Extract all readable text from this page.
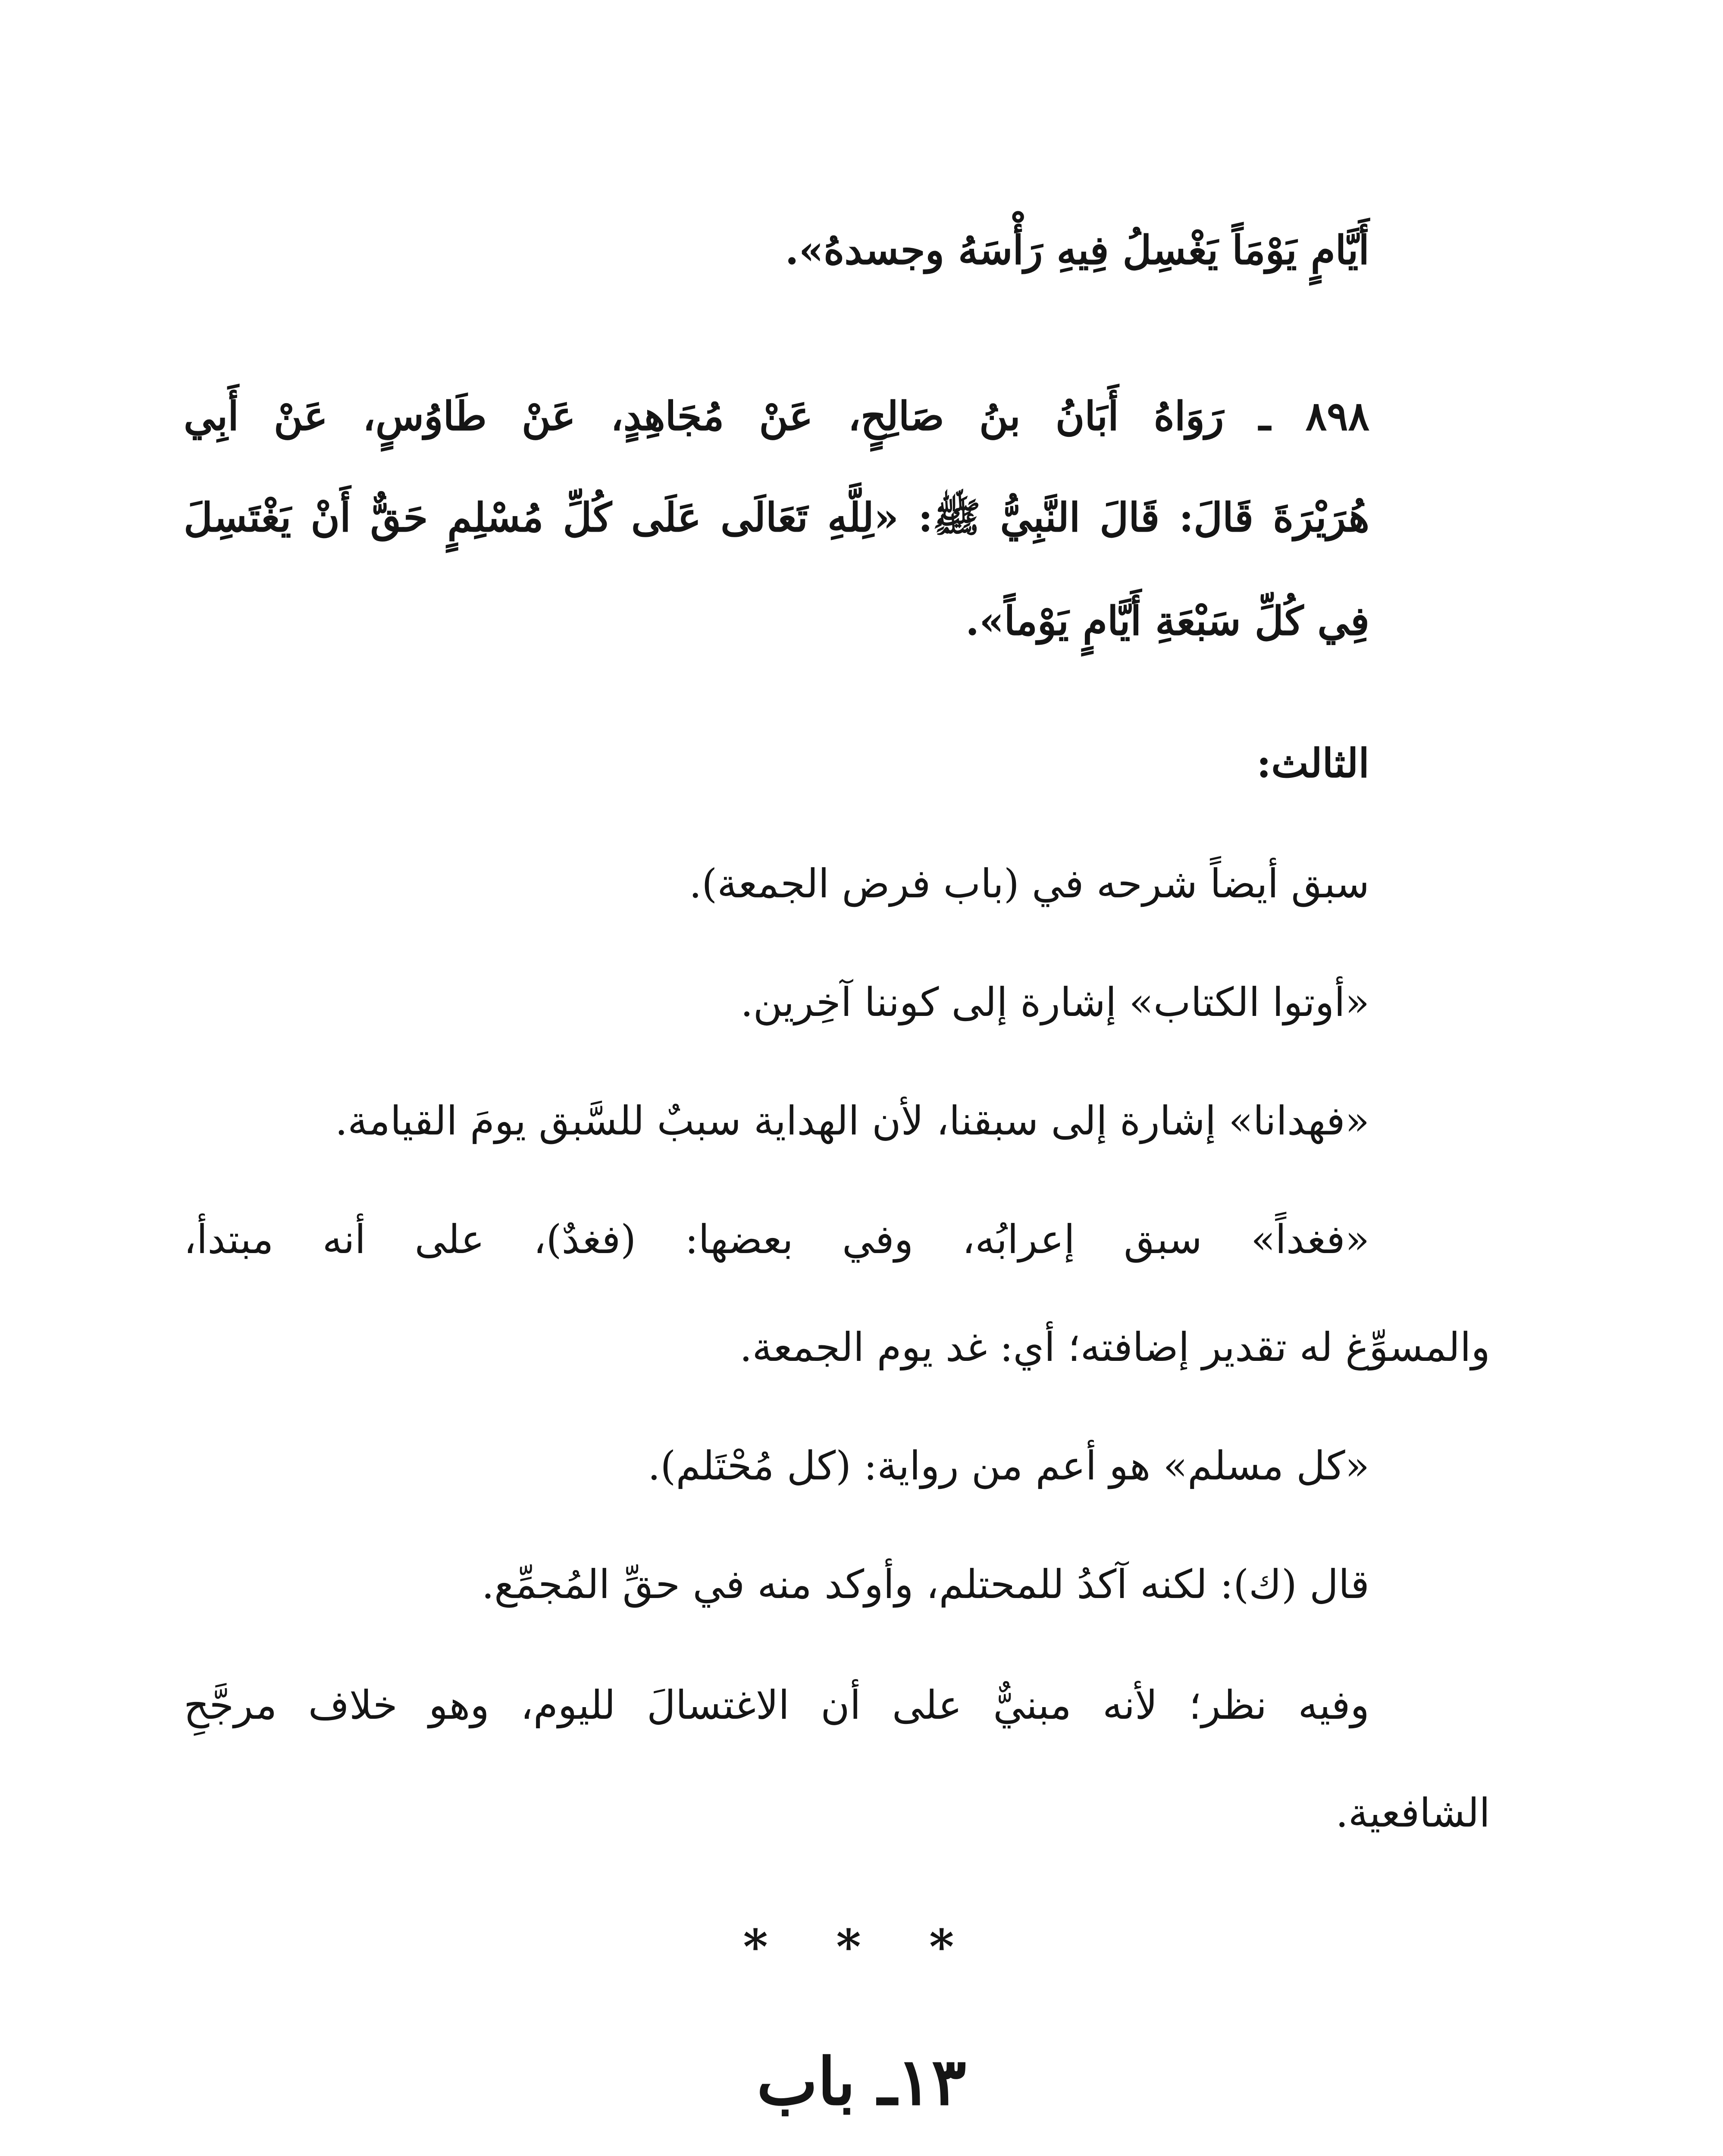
أَيَّامٍ يَوْمَاً يَغْسِلُ فِيهِ رَأْسَهُ وجسدهُ».
٨٩٨ ـ رَوَاهُ أَبَانُ بنُ صَالِحٍ، عَنْ مُجَاهِدٍ، عَنْ طَاوُسٍ، عَنْ أَبِي
هُرَيْرَةَ قَالَ: قَالَ النَّبِيُّ ﷺ: «لِلَّهِ تَعَالَى عَلَى كُلِّ مُسْلِمٍ حَقٌّ أَنْ يَغْتَسِلَ
فِي كُلِّ سَبْعَةِ أَيَّامٍ يَوْماً».
الثالث:
سبق أيضاً شرحه في (باب فرض الجمعة).
«أوتوا الكتاب» إشارة إلى كوننا آخِرين.
«فهدانا» إشارة إلى سبقنا، لأن الهداية سببٌ للسَّبق يومَ القيامة.
«فغداً» سبق إعرابُه، وفي بعضها: (فغدٌ)، على أنه مبتدأ،
والمسوِّغ له تقدير إضافته؛ أي: غد يوم الجمعة.
«كل مسلم» هو أعم من رواية: (كل مُحْتَلم).
قال (ك): لكنه آكدُ للمحتلم، وأوكد منه في حقِّ المُجمِّع.
وفيه نظر؛ لأنه مبنيٌّ على أن الاغتسالَ لليوم، وهو خلاف مرجَّحِ
الشافعية.
* * *
١٣ـ باب
